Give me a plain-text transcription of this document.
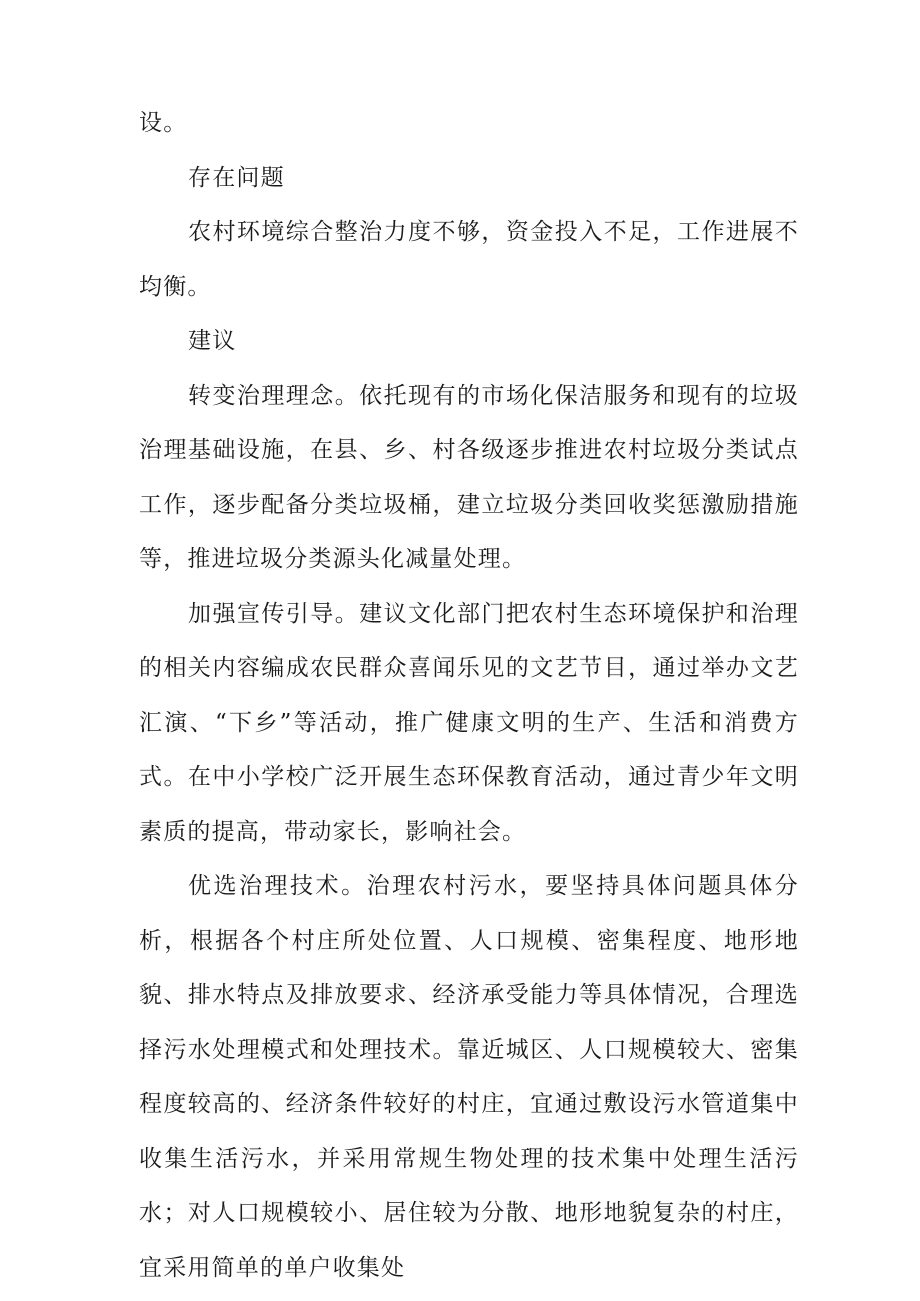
设。

存在问题

农村环境综合整治力度不够，资金投入不足，工作进展不均衡。

建议

转变治理理念。依托现有的市场化保洁服务和现有的垃圾治理基础设施，在县、乡、村各级逐步推进农村垃圾分类试点工作，逐步配备分类垃圾桶，建立垃圾分类回收奖惩激励措施等，推进垃圾分类源头化减量处理。

加强宣传引导。建议文化部门把农村生态环境保护和治理的相关内容编成农民群众喜闻乐见的文艺节目，通过举办文艺汇演、“下乡”等活动，推广健康文明的生产、生活和消费方式。在中小学校广泛开展生态环保教育活动，通过青少年文明素质的提高，带动家长，影响社会。

优选治理技术。治理农村污水，要坚持具体问题具体分析，根据各个村庄所处位置、人口规模、密集程度、地形地貌、排水特点及排放要求、经济承受能力等具体情况，合理选择污水处理模式和处理技术。靠近城区、人口规模较大、密集程度较高的、经济条件较好的村庄，宜通过敷设污水管道集中收集生活污水，并采用常规生物处理的技术集中处理生活污水；对人口规模较小、居住较为分散、地形地貌复杂的村庄，宜采用简单的单户收集处
